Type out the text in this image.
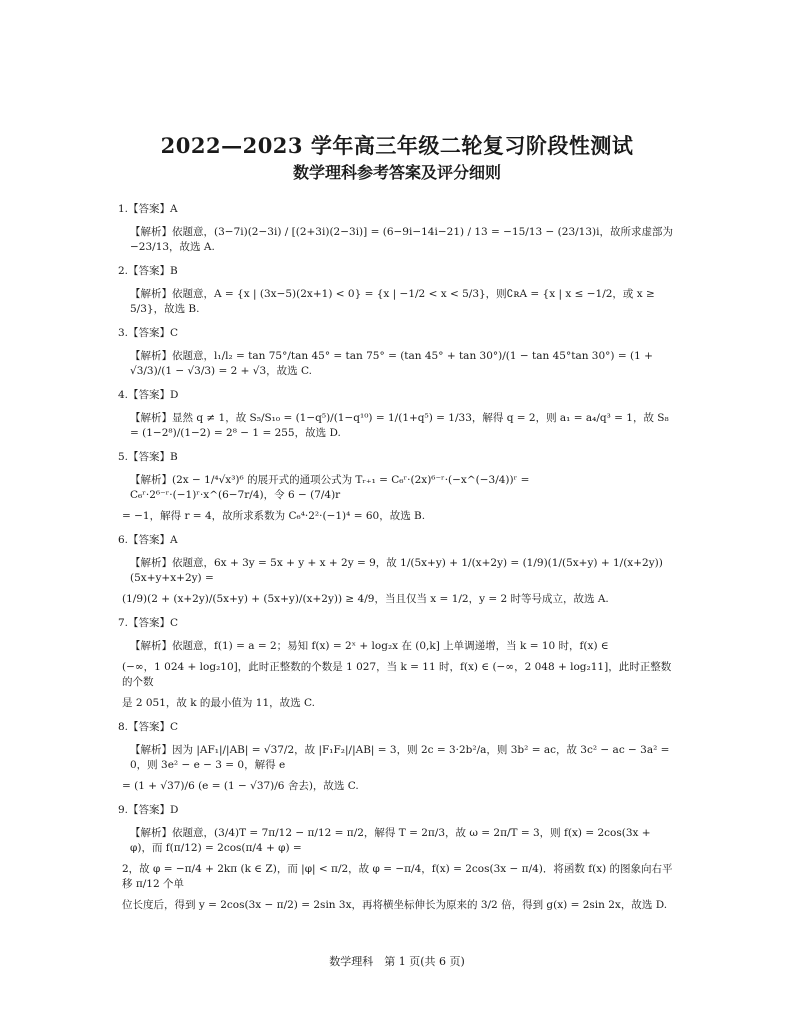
2022—2023 学年高三年级二轮复习阶段性测试
数学理科参考答案及评分细则
1.【答案】A
【解析】依题意，(3−7i)(2−3i) / [(2+3i)(2−3i)] = (6−9i−14i−21) / 13 = −15/13 − (23/13)i，故所求虚部为 −23/13，故选 A.
2.【答案】B
【解析】依题意，A = {x | (3x−5)(2x+1) < 0} = {x | −1/2 < x < 5/3}，则∁ʀA = {x | x ≤ −1/2，或 x ≥ 5/3}，故选 B.
3.【答案】C
【解析】依题意，l₁/l₂ = tan 75°/tan 45° = tan 75° = (tan 45° + tan 30°)/(1 − tan 45°tan 30°) = (1 + √3/3)/(1 − √3/3) = 2 + √3，故选 C.
4.【答案】D
【解析】显然 q ≠ 1，故 S₅/S₁₀ = (1−q⁵)/(1−q¹⁰) = 1/(1+q⁵) = 1/33，解得 q = 2，则 a₁ = a₄/q³ = 1，故 S₈ = (1−2⁸)/(1−2) = 2⁸ − 1 = 255，故选 D.
5.【答案】B
【解析】(2x − 1/⁴√x³)⁶ 的展开式的通项公式为 Tᵣ₊₁ = C₆ʳ·(2x)⁶⁻ʳ·(−x^(−3/4))ʳ = C₆ʳ·2⁶⁻ʳ·(−1)ʳ·x^(6−7r/4)，令 6 − (7/4)r
= −1，解得 r = 4，故所求系数为 C₆⁴·2²·(−1)⁴ = 60，故选 B.
6.【答案】A
【解析】依题意，6x + 3y = 5x + y + x + 2y = 9，故 1/(5x+y) + 1/(x+2y) = (1/9)(1/(5x+y) + 1/(x+2y))(5x+y+x+2y) =
(1/9)(2 + (x+2y)/(5x+y) + (5x+y)/(x+2y)) ≥ 4/9，当且仅当 x = 1/2，y = 2 时等号成立，故选 A.
7.【答案】C
【解析】依题意，f(1) = a = 2；易知 f(x) = 2ˣ + log₂x 在 (0,k] 上单调递增，当 k = 10 时，f(x) ∈
(−∞，1 024 + log₂10]，此时正整数的个数是 1 027，当 k = 11 时，f(x) ∈ (−∞，2 048 + log₂11]，此时正整数的个数
是 2 051，故 k 的最小值为 11，故选 C.
8.【答案】C
【解析】因为 |AF₁|/|AB| = √37/2，故 |F₁F₂|/|AB| = 3，则 2c = 3·2b²/a，则 3b² = ac，故 3c² − ac − 3a² = 0，则 3e² − e − 3 = 0，解得 e
= (1 + √37)/6 (e = (1 − √37)/6 舍去)，故选 C.
9.【答案】D
【解析】依题意，(3/4)T = 7π/12 − π/12 = π/2，解得 T = 2π/3，故 ω = 2π/T = 3，则 f(x) = 2cos(3x + φ)，而 f(π/12) = 2cos(π/4 + φ) =
2，故 φ = −π/4 + 2kπ (k ∈ Z)，而 |φ| < π/2，故 φ = −π/4，f(x) = 2cos(3x − π/4)．将函数 f(x) 的图象向右平移 π/12 个单
位长度后，得到 y = 2cos(3x − π/2) = 2sin 3x，再将横坐标伸长为原来的 3/2 倍，得到 g(x) = 2sin 2x，故选 D.
数学理科　第 1 页(共 6 页)
